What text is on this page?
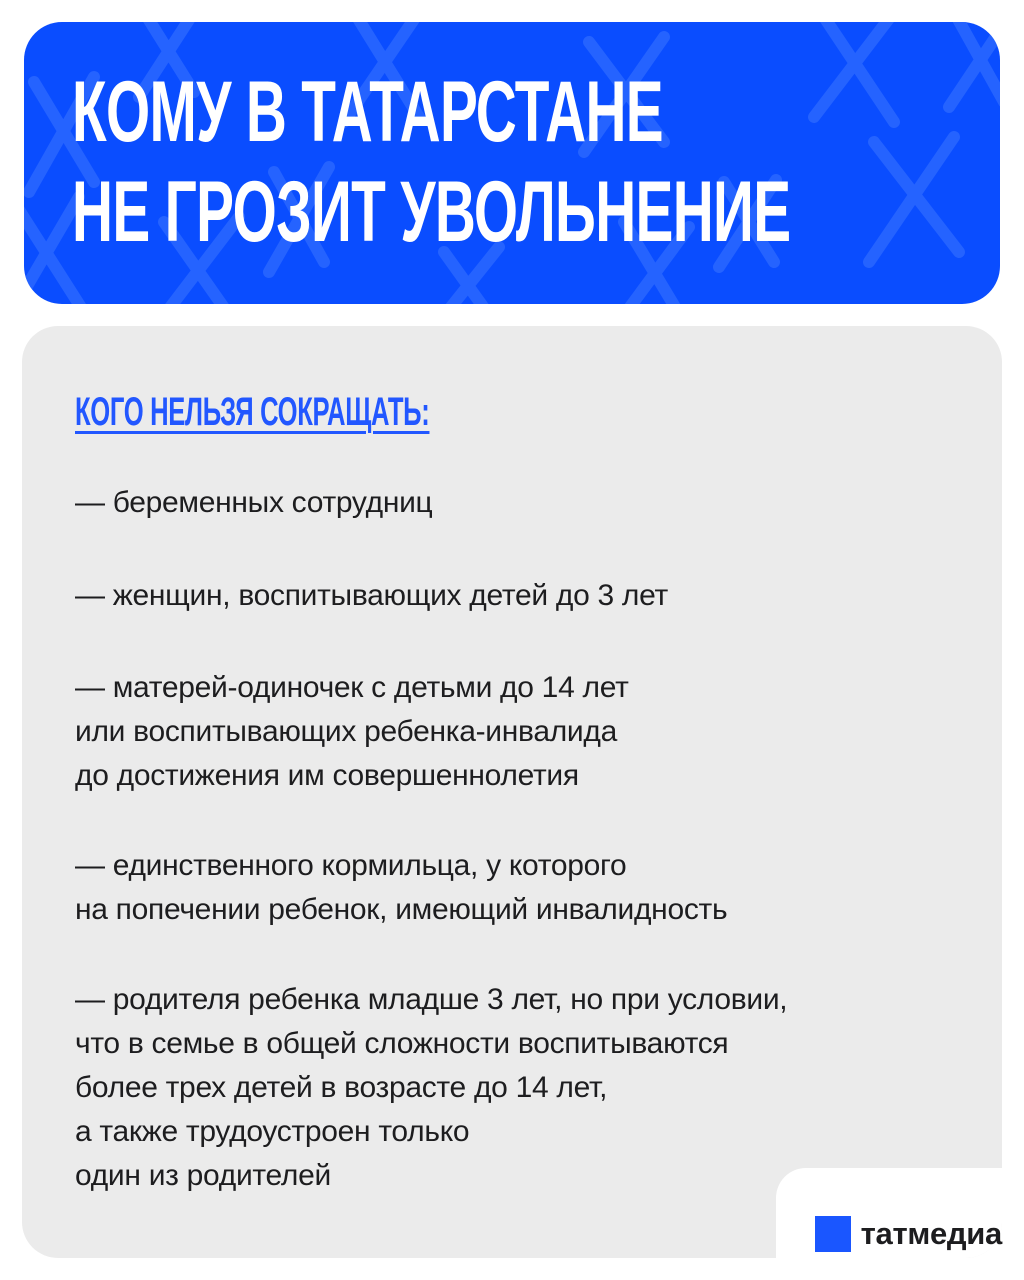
КОМУ В ТАТАРСТАНЕ
НЕ ГРОЗИТ УВОЛЬНЕНИЕ
КОГО НЕЛЬЗЯ СОКРАЩАТЬ:

— беременных сотрудниц

— женщин, воспитывающих детей до 3 лет

— матерей-одиночек с детьми до 14 лет
или воспитывающих ребенка-инвалида
до достижения им совершеннолетия

— единственного кормильца, у которого
на попечении ребенок, имеющий инвалидность

— родителя ребенка младше 3 лет, но при условии,
что в семье в общей сложности воспитываются
более трех детей в возрасте до 14 лет,
а также трудоустроен только
один из родителей

татмедиа
